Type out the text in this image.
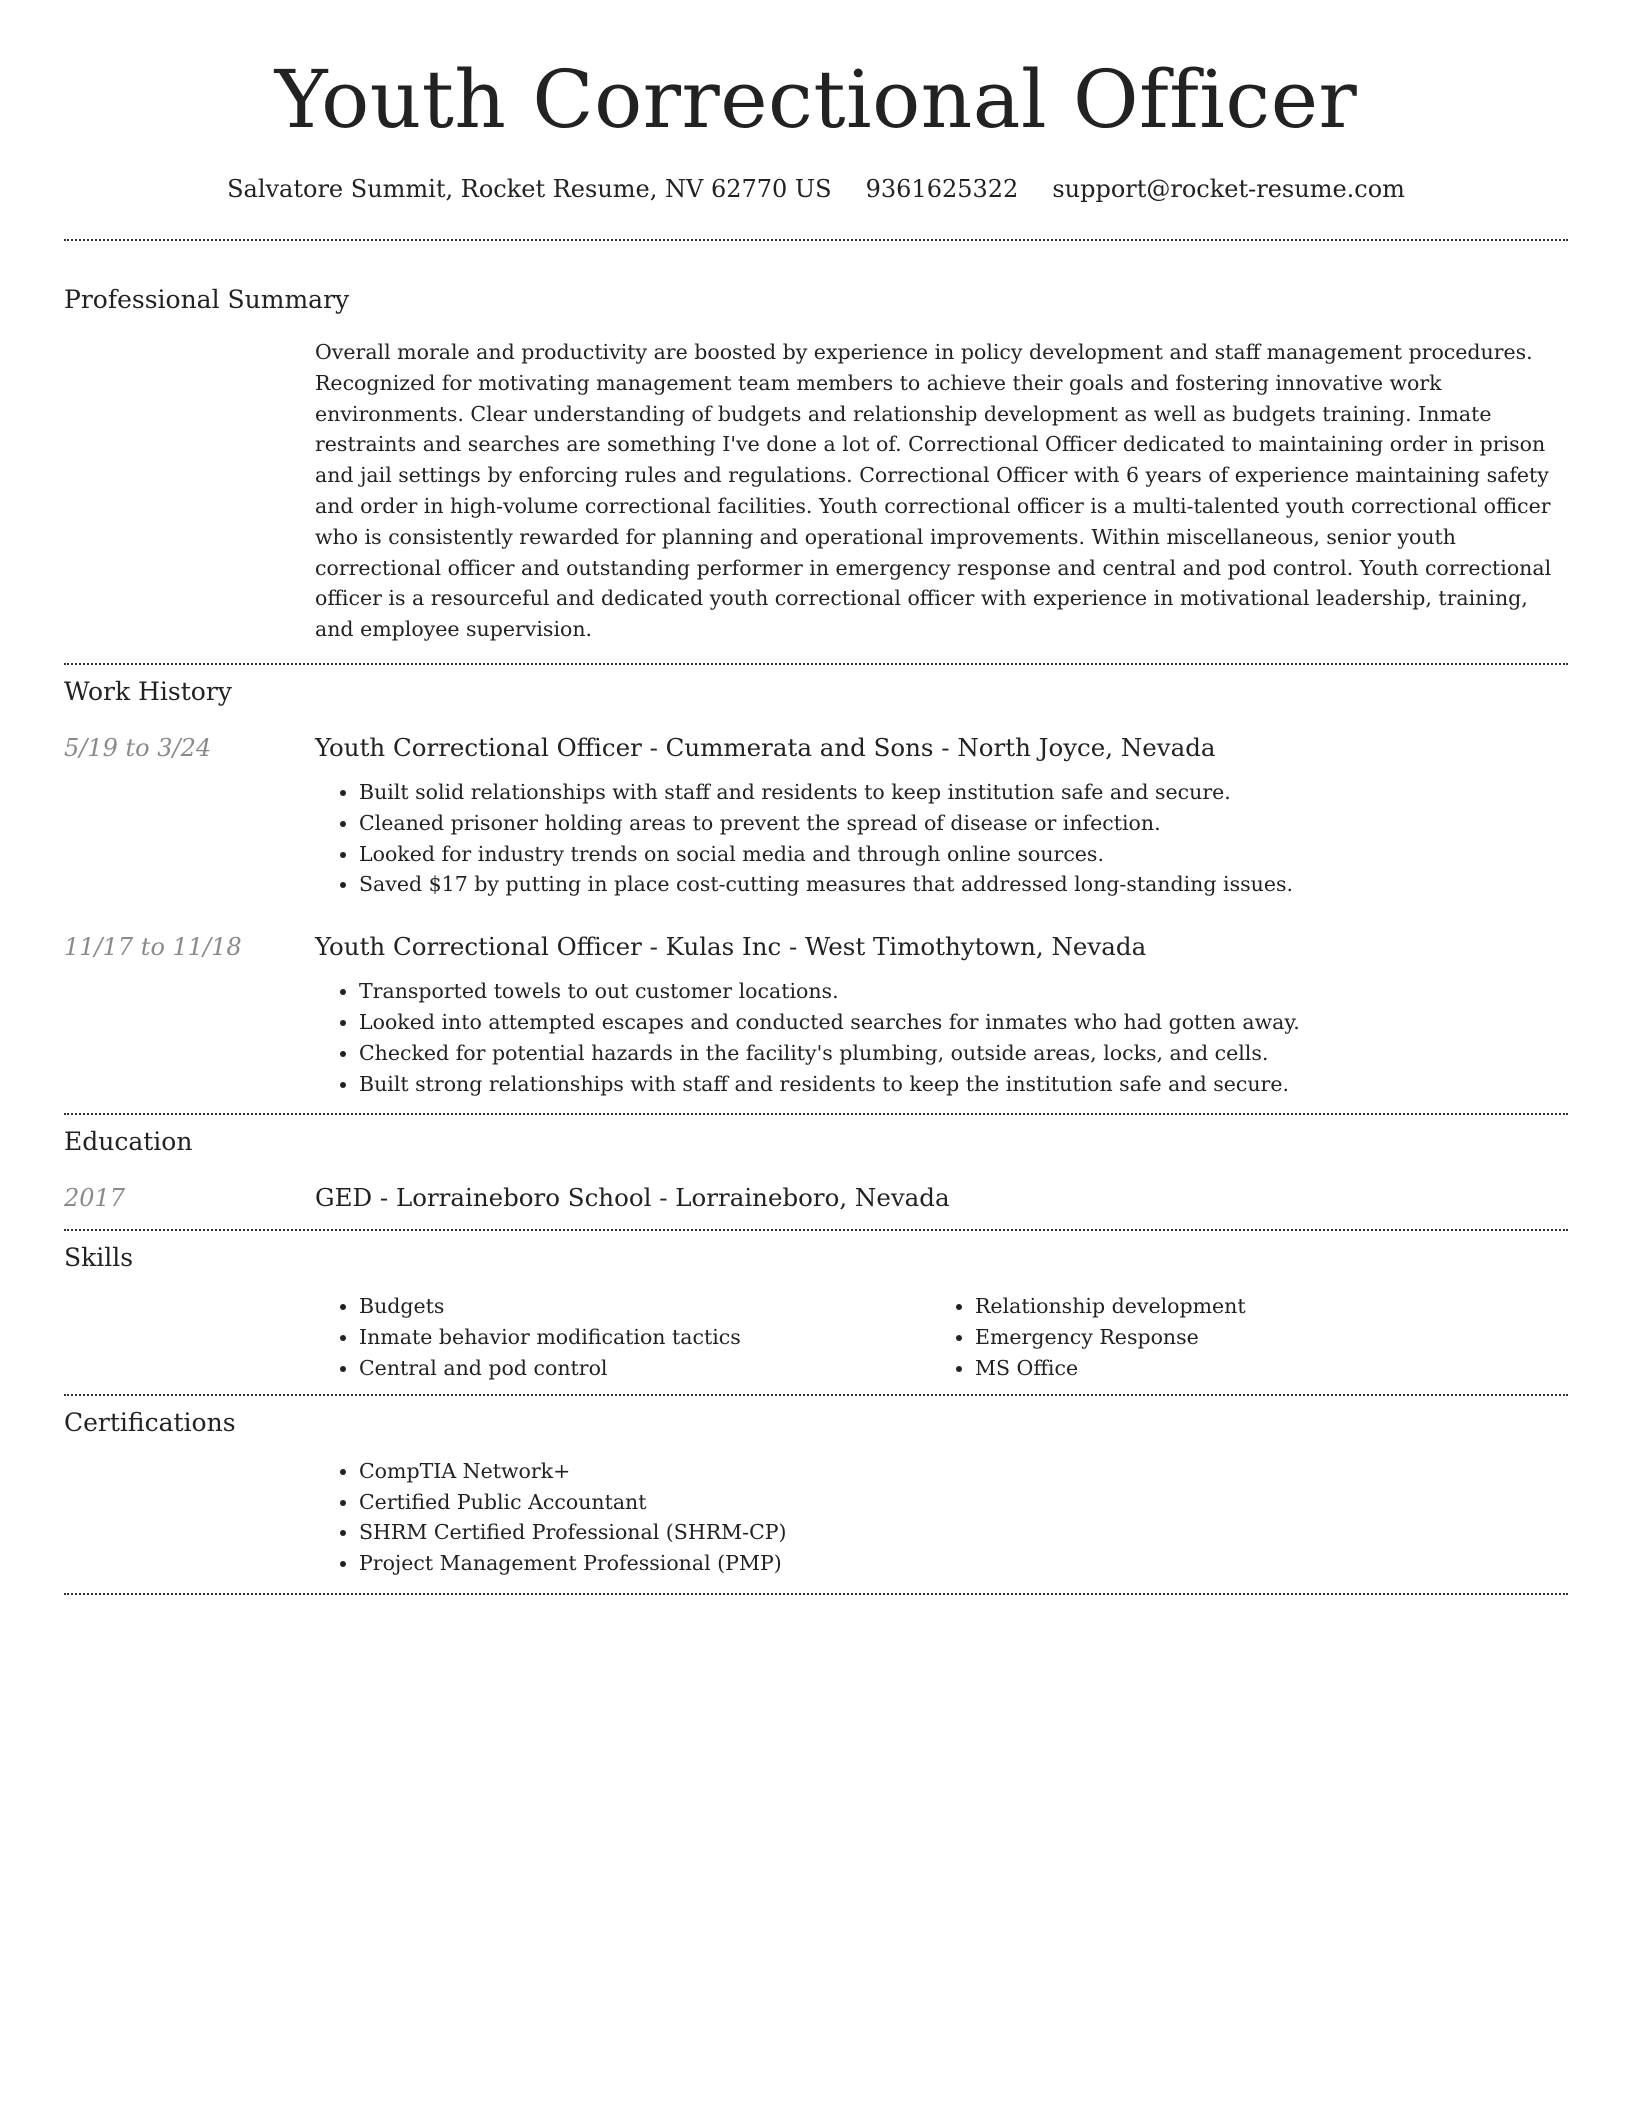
Youth Correctional Officer
Salvatore Summit, Rocket Resume, NV 62770 US 9361625322 support@rocket-resume.com
Professional Summary

Overall morale and productivity are boosted by experience in policy development and staff management procedures. Recognized for motivating management team members to achieve their goals and fostering innovative work environments. Clear understanding of budgets and relationship development as well as budgets training. Inmate restraints and searches are something I've done a lot of. Correctional Officer dedicated to maintaining order in prison and jail settings by enforcing rules and regulations. Correctional Officer with 6 years of experience maintaining safety and order in high-volume correctional facilities. Youth correctional officer is a multi-talented youth correctional officer who is consistently rewarded for planning and operational improvements. Within miscellaneous, senior youth correctional officer and outstanding performer in emergency response and central and pod control. Youth correctional officer is a resourceful and dedicated youth correctional officer with experience in motivational leadership, training, and employee supervision.

Work History
5/19 to 3/24	Youth Correctional Officer - Cummerata and Sons - North Joyce, Nevada
• Built solid relationships with staff and residents to keep institution safe and secure.
• Cleaned prisoner holding areas to prevent the spread of disease or infection.
• Looked for industry trends on social media and through online sources.
• Saved $17 by putting in place cost-cutting measures that addressed long-standing issues.
11/17 to 11/18	Youth Correctional Officer - Kulas Inc - West Timothytown, Nevada
• Transported towels to out customer locations.
• Looked into attempted escapes and conducted searches for inmates who had gotten away.
• Checked for potential hazards in the facility's plumbing, outside areas, locks, and cells.
• Built strong relationships with staff and residents to keep the institution safe and secure.
Education
2017	GED - Lorraineboro School - Lorraineboro, Nevada
Skills
• Budgets
• Inmate behavior modification tactics
• Central and pod control
• Relationship development
• Emergency Response
• MS Office
Certifications
• CompTIA Network+
• Certified Public Accountant
• SHRM Certified Professional (SHRM-CP)
• Project Management Professional (PMP)
